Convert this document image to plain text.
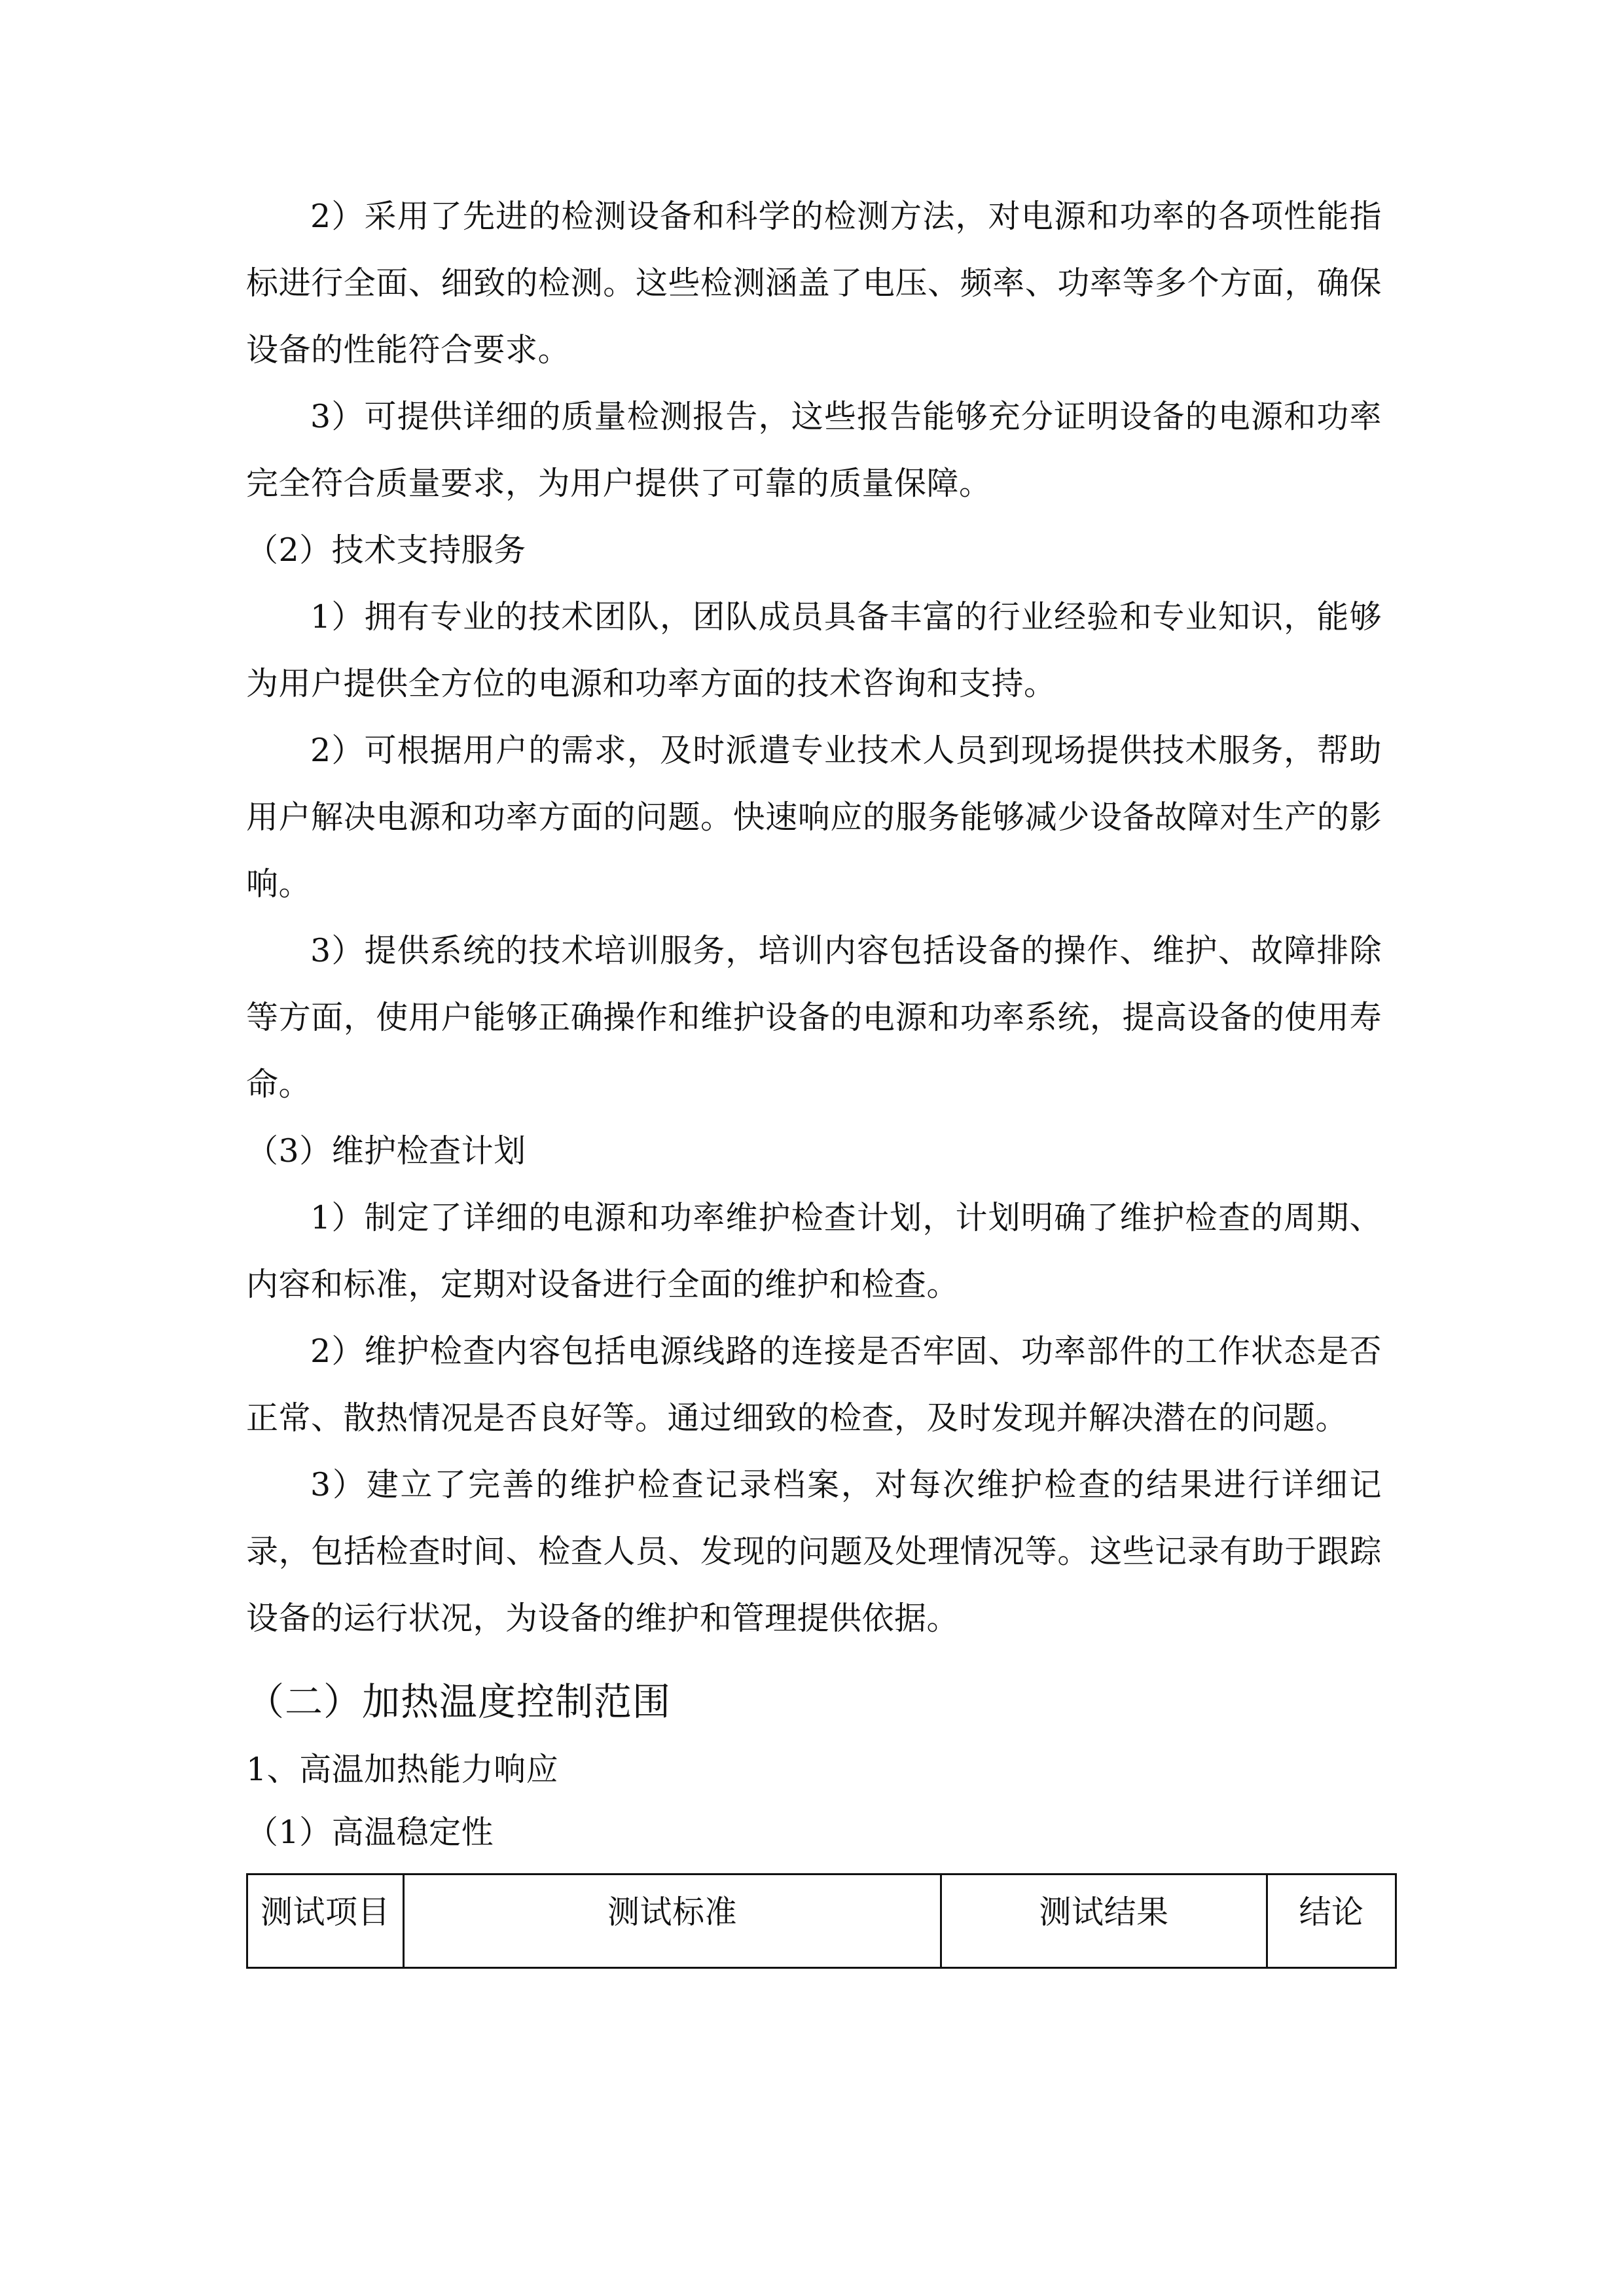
2）采用了先进的检测设备和科学的检测方法，对电源和功率的各项性能指标进行全面、细致的检测。这些检测涵盖了电压、频率、功率等多个方面，确保设备的性能符合要求。

3）可提供详细的质量检测报告，这些报告能够充分证明设备的电源和功率完全符合质量要求，为用户提供了可靠的质量保障。

（2）技术支持服务

1）拥有专业的技术团队，团队成员具备丰富的行业经验和专业知识，能够为用户提供全方位的电源和功率方面的技术咨询和支持。

2）可根据用户的需求，及时派遣专业技术人员到现场提供技术服务，帮助用户解决电源和功率方面的问题。快速响应的服务能够减少设备故障对生产的影响。

3）提供系统的技术培训服务，培训内容包括设备的操作、维护、故障排除等方面，使用户能够正确操作和维护设备的电源和功率系统，提高设备的使用寿命。

（3）维护检查计划

1）制定了详细的电源和功率维护检查计划，计划明确了维护检查的周期、内容和标准，定期对设备进行全面的维护和检查。

2）维护检查内容包括电源线路的连接是否牢固、功率部件的工作状态是否正常、散热情况是否良好等。通过细致的检查，及时发现并解决潜在的问题。

3）建立了完善的维护检查记录档案，对每次维护检查的结果进行详细记录，包括检查时间、检查人员、发现的问题及处理情况等。这些记录有助于跟踪设备的运行状况，为设备的维护和管理提供依据。

（二）加热温度控制范围

1、高温加热能力响应

（1）高温稳定性

测试项目	测试标准	测试结果	结论
